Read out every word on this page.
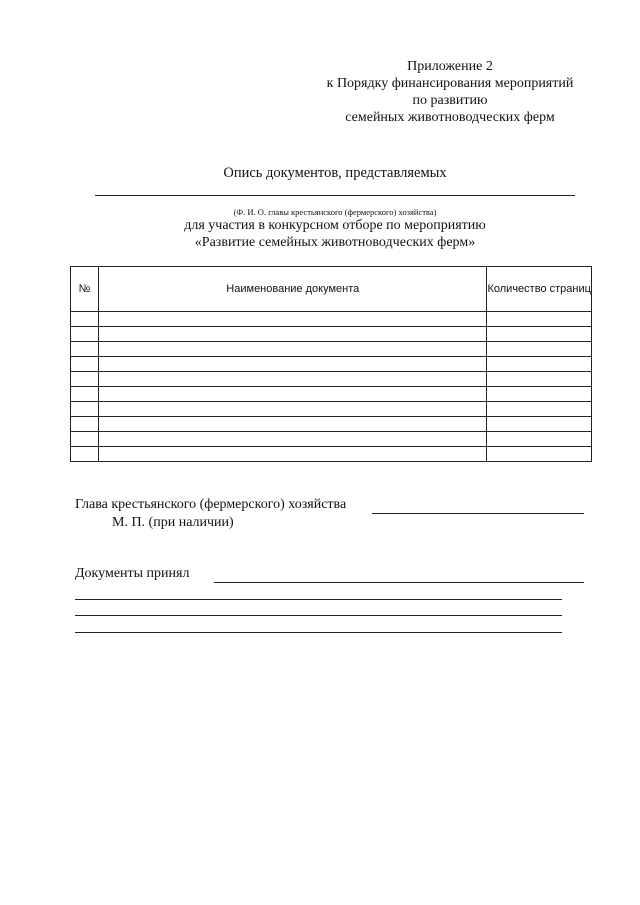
Приложение 2
к Порядку финансирования мероприятий
по развитию
семейных животноводческих ферм
Опись документов, представляемых
(Ф. И. О. главы крестьянского (фермерского) хозяйства)
для участия в конкурсном отборе по мероприятию
«Развитие семейных животноводческих ферм»
№	Наименование документа	Количество страниц

Глава крестьянского (фермерского) хозяйства
М. П. (при наличии)
Документы принял
